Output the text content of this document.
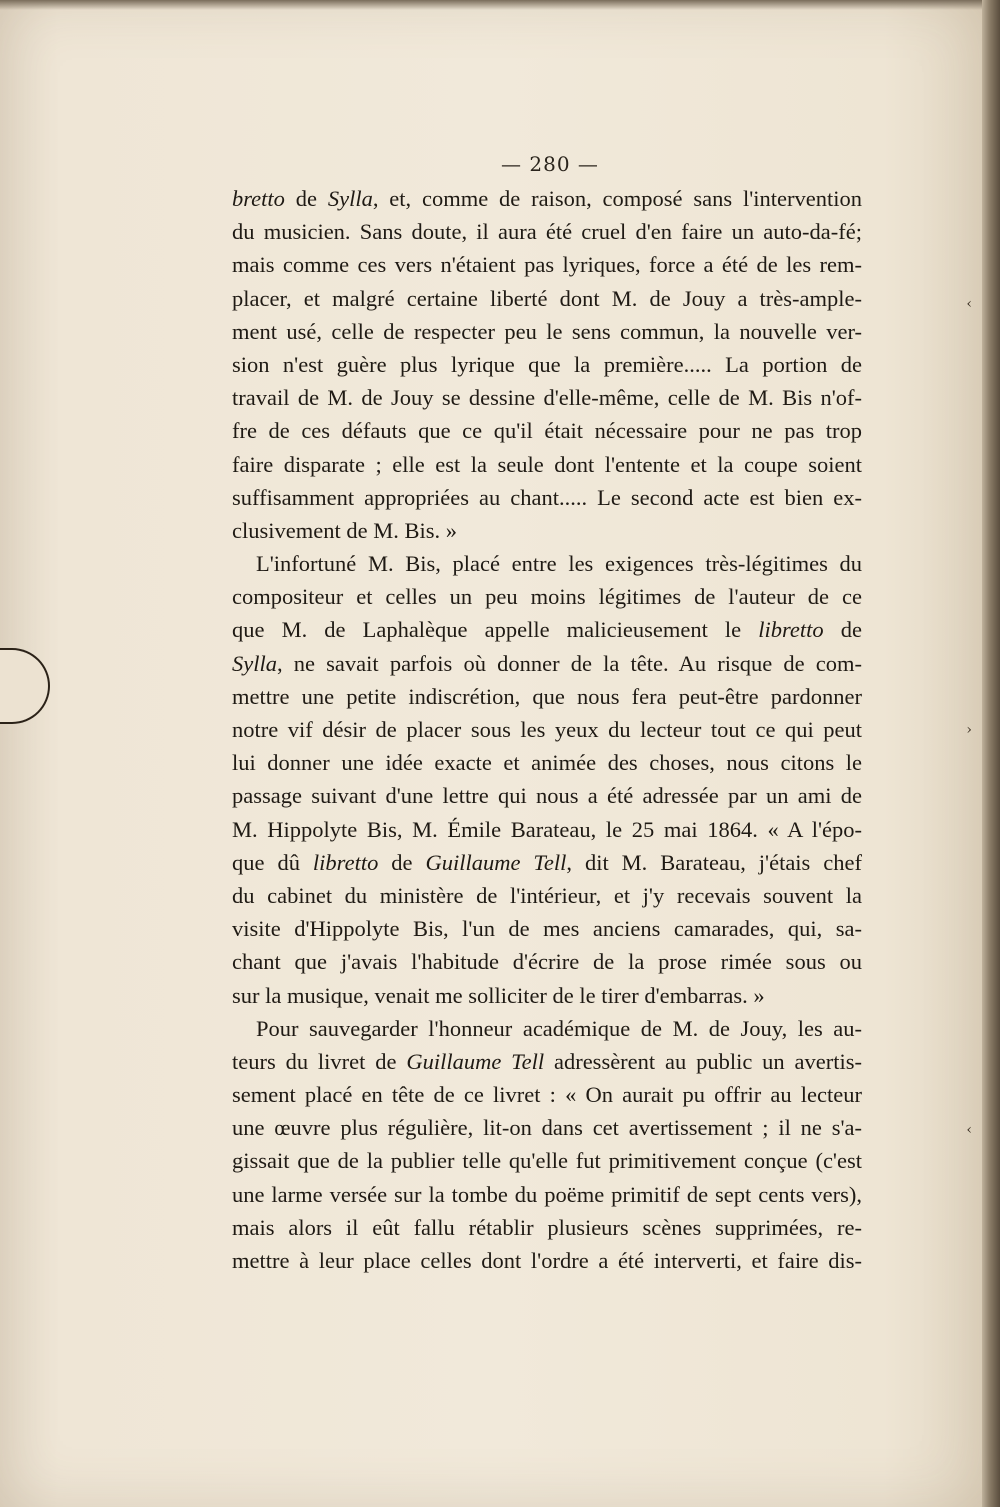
‹
›
‹
— 280 —
bretto de Sylla, et, comme de raison, composé sans l'intervention
du musicien. Sans doute, il aura été cruel d'en faire un auto-da-fé;
mais comme ces vers n'étaient pas lyriques, force a été de les rem-
placer, et malgré certaine liberté dont M. de Jouy a très-ample-
ment usé, celle de respecter peu le sens commun, la nouvelle ver-
sion n'est guère plus lyrique que la première..... La portion de
travail de M. de Jouy se dessine d'elle-même, celle de M. Bis n'of-
fre de ces défauts que ce qu'il était nécessaire pour ne pas trop
faire disparate ; elle est la seule dont l'entente et la coupe soient
suffisamment appropriées au chant..... Le second acte est bien ex-
clusivement de M. Bis. »
L'infortuné M. Bis, placé entre les exigences très-légitimes du
compositeur et celles un peu moins légitimes de l'auteur de ce
que M. de Laphalèque appelle malicieusement le libretto de
Sylla, ne savait parfois où donner de la tête. Au risque de com-
mettre une petite indiscrétion, que nous fera peut-être pardonner
notre vif désir de placer sous les yeux du lecteur tout ce qui peut
lui donner une idée exacte et animée des choses, nous citons le
passage suivant d'une lettre qui nous a été adressée par un ami de
M. Hippolyte Bis, M. Émile Barateau, le 25 mai 1864. « A l'épo-
que dû libretto de Guillaume Tell, dit M. Barateau, j'étais chef
du cabinet du ministère de l'intérieur, et j'y recevais souvent la
visite d'Hippolyte Bis, l'un de mes anciens camarades, qui, sa-
chant que j'avais l'habitude d'écrire de la prose rimée sous ou
sur la musique, venait me solliciter de le tirer d'embarras. »
Pour sauvegarder l'honneur académique de M. de Jouy, les au-
teurs du livret de Guillaume Tell adressèrent au public un avertis-
sement placé en tête de ce livret : « On aurait pu offrir au lecteur
une œuvre plus régulière, lit-on dans cet avertissement ; il ne s'a-
gissait que de la publier telle qu'elle fut primitivement conçue (c'est
une larme versée sur la tombe du poëme primitif de sept cents vers),
mais alors il eût fallu rétablir plusieurs scènes supprimées, re-
mettre à leur place celles dont l'ordre a été interverti, et faire dis-
